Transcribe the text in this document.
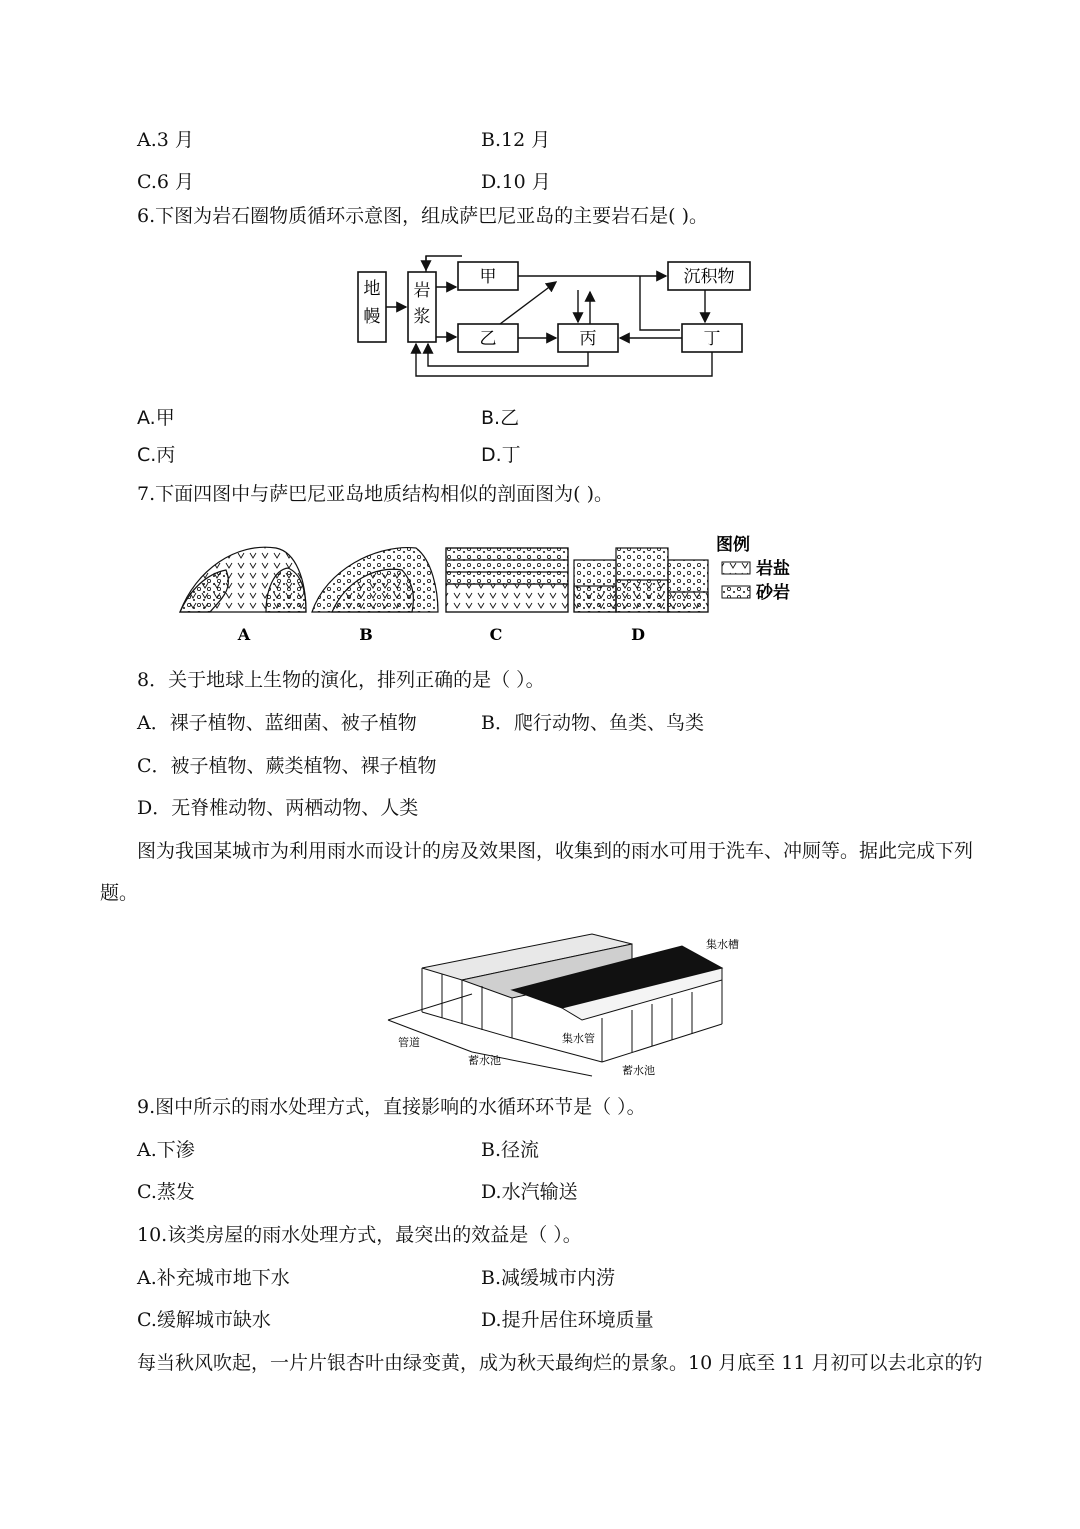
A.3 月	B.12 月
C.6 月	D.10 月
6.下图为岩石圈物质循环示意图，组成萨巴尼亚岛的主要岩石是( )。
地
幔
岩
浆
甲
乙	丙
沉积物
丁
A.甲	B.乙
C.丙	D.丁
7.下面四图中与萨巴尼亚岛地质结构相似的剖面图为( )。
A	B	C	D
图例
岩盐
砂岩
8．关于地球上生物的演化，排列正确的是（ ）。
A．裸子植物、蓝细菌、被子植物	B．爬行动物、鱼类、鸟类
C．被子植物、蕨类植物、裸子植物
D．无脊椎动物、两栖动物、人类
图为我国某城市为利用雨水而设计的房及效果图，收集到的雨水可用于洗车、冲厕等。据此完成下列
题。
集水槽
管道	集水管
蓄水池
蓄水池
9.图中所示的雨水处理方式，直接影响的水循环环节是（ ）。
A.下渗	B.径流
C.蒸发	D.水汽输送
10.该类房屋的雨水处理方式，最突出的效益是（ ）。
A.补充城市地下水	B.减缓城市内涝
C.缓解城市缺水	D.提升居住环境质量
每当秋风吹起，一片片银杏叶由绿变黄，成为秋天最绚烂的景象。10 月底至 11 月初可以去北京的钓
